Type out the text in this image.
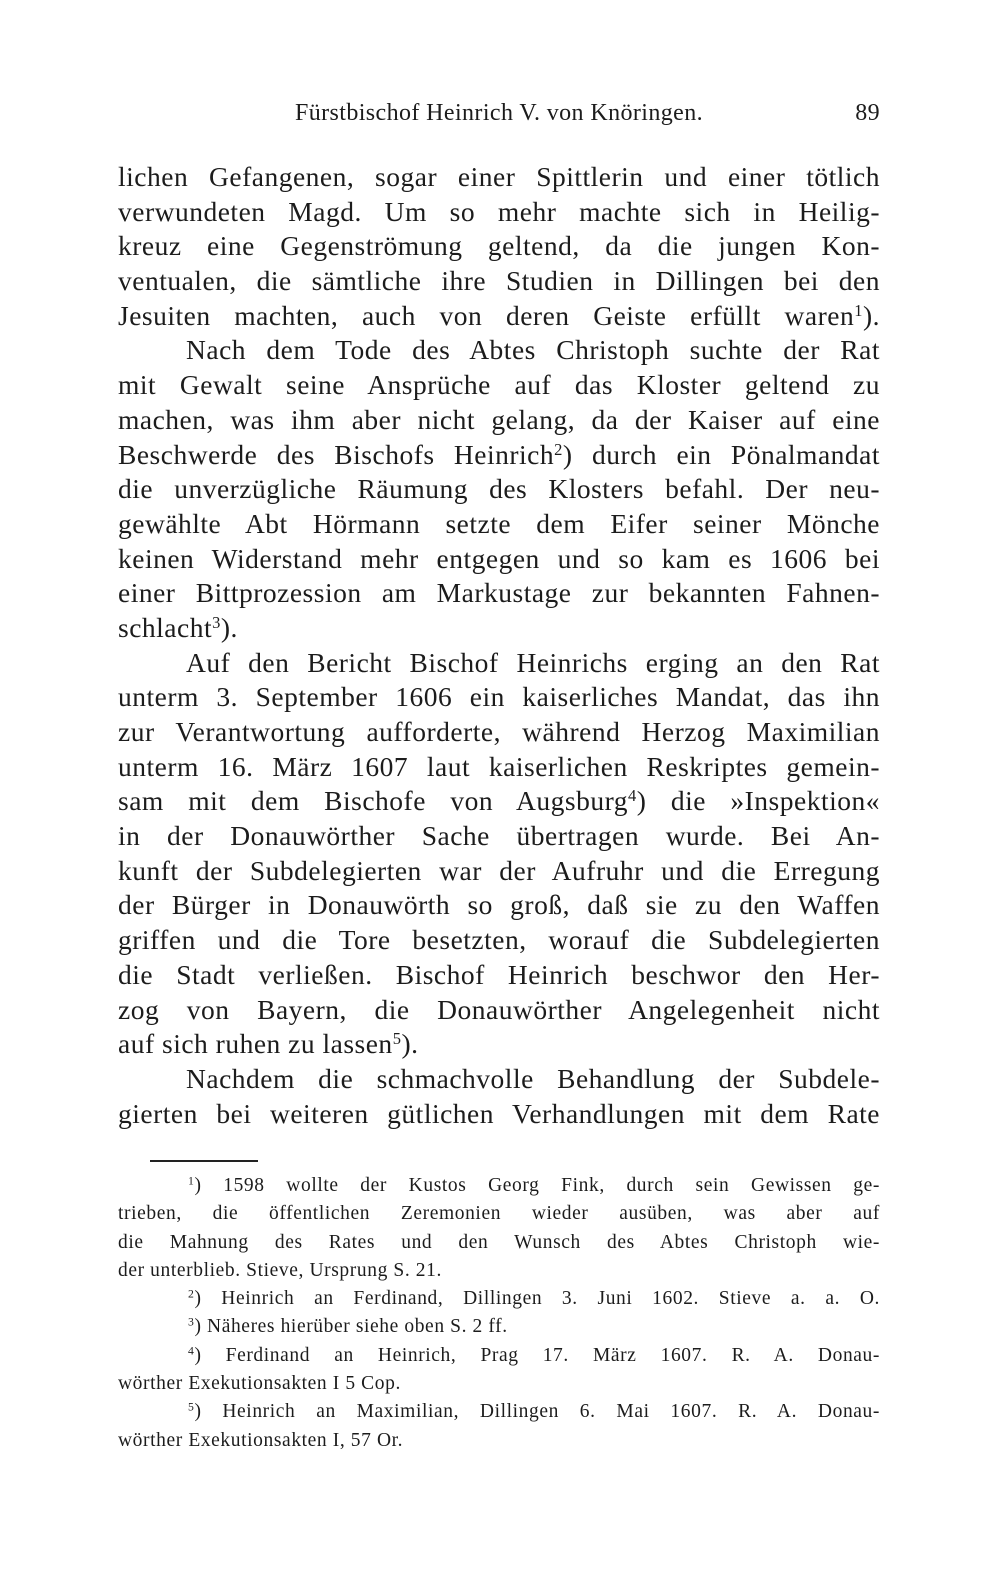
Fürstbischof Heinrich V. von Knöringen.	89
lichen Gefangenen, sogar einer Spittlerin und einer tötlich
verwundeten Magd. Um so mehr machte sich in Heilig-
kreuz eine Gegenströmung geltend, da die jungen Kon-
ventualen, die sämtliche ihre Studien in Dillingen bei den
Jesuiten machten, auch von deren Geiste erfüllt waren$^1$).
Nach dem Tode des Abtes Christoph suchte der Rat
mit Gewalt seine Ansprüche auf das Kloster geltend zu
machen, was ihm aber nicht gelang, da der Kaiser auf eine
Beschwerde des Bischofs Heinrich$^2$) durch ein Pönalmandat
die unverzügliche Räumung des Klosters befahl. Der neu-
gewählte Abt Hörmann setzte dem Eifer seiner Mönche
keinen Widerstand mehr entgegen und so kam es 1606 bei
einer Bittprozession am Markustage zur bekannten Fahnen-
schlacht$^3$).
Auf den Bericht Bischof Heinrichs erging an den Rat
unterm 3. September 1606 ein kaiserliches Mandat, das ihn
zur Verantwortung aufforderte, während Herzog Maximilian
unterm 16. März 1607 laut kaiserlichen Reskriptes gemein-
sam mit dem Bischofe von Augsburg$^4$) die »Inspektion«
in der Donauwörther Sache übertragen wurde. Bei An-
kunft der Subdelegierten war der Aufruhr und die Erregung
der Bürger in Donauwörth so groß, daß sie zu den Waffen
griffen und die Tore besetzten, worauf die Subdelegierten
die Stadt verließen. Bischof Heinrich beschwor den Her-
zog von Bayern, die Donauwörther Angelegenheit nicht
auf sich ruhen zu lassen$^5$).
Nachdem die schmachvolle Behandlung der Subdele-
gierten bei weiteren gütlichen Verhandlungen mit dem Rate
$^1$) 1598 wollte der Kustos Georg Fink, durch sein Gewissen ge-
trieben, die öffentlichen Zeremonien wieder ausüben, was aber auf
die Mahnung des Rates und den Wunsch des Abtes Christoph wie-
der unterblieb. Stieve, Ursprung S. 21.
$^2$) Heinrich an Ferdinand, Dillingen 3. Juni 1602. Stieve a. a. O.
$^3$) Näheres hierüber siehe oben S. 2 ff.
$^4$) Ferdinand an Heinrich, Prag 17. März 1607. R. A. Donau-
wörther Exekutionsakten I 5 Cop.
$^5$) Heinrich an Maximilian, Dillingen 6. Mai 1607. R. A. Donau-
wörther Exekutionsakten I, 57 Or.
